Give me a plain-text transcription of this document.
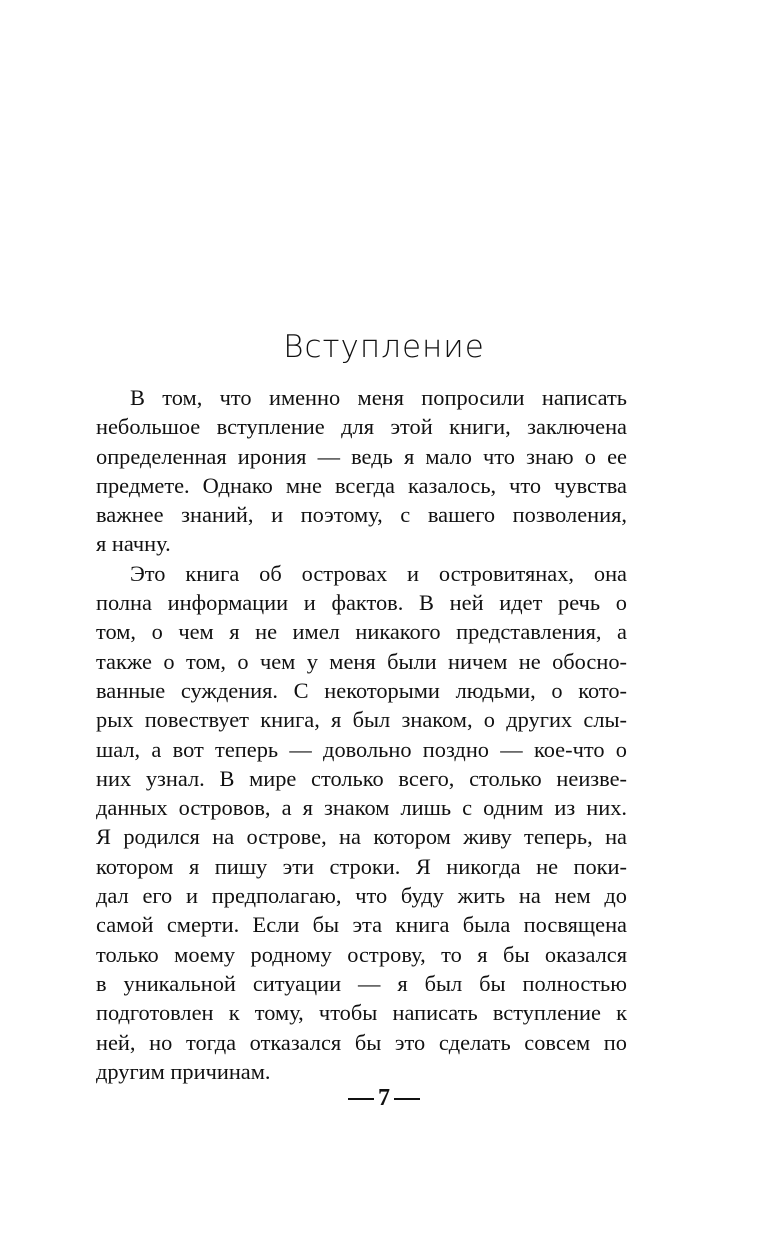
Вступление
В том, что именно меня попросили написать
небольшое вступление для этой книги, заключена
определенная ирония — ведь я мало что знаю о ее
предмете. Однако мне всегда казалось, что чувства
важнее знаний, и поэтому, с вашего позволения,
я начну.
Это книга об островах и островитянах, она
полна информации и фактов. В ней идет речь о
том, о чем я не имел никакого представления, а
также о том, о чем у меня были ничем не обосно-
ванные суждения. С некоторыми людьми, о кото-
рых повествует книга, я был знаком, о других слы-
шал, а вот теперь — довольно поздно — кое-что о
них узнал. В мире столько всего, столько неизве-
данных островов, а я знаком лишь с одним из них.
Я родился на острове, на котором живу теперь, на
котором я пишу эти строки. Я никогда не поки-
дал его и предполагаю, что буду жить на нем до
самой смерти. Если бы эта книга была посвящена
только моему родному острову, то я бы оказался
в уникальной ситуации — я был бы полностью
подготовлен к тому, чтобы написать вступление к
ней, но тогда отказался бы это сделать совсем по
другим причинам.
7
